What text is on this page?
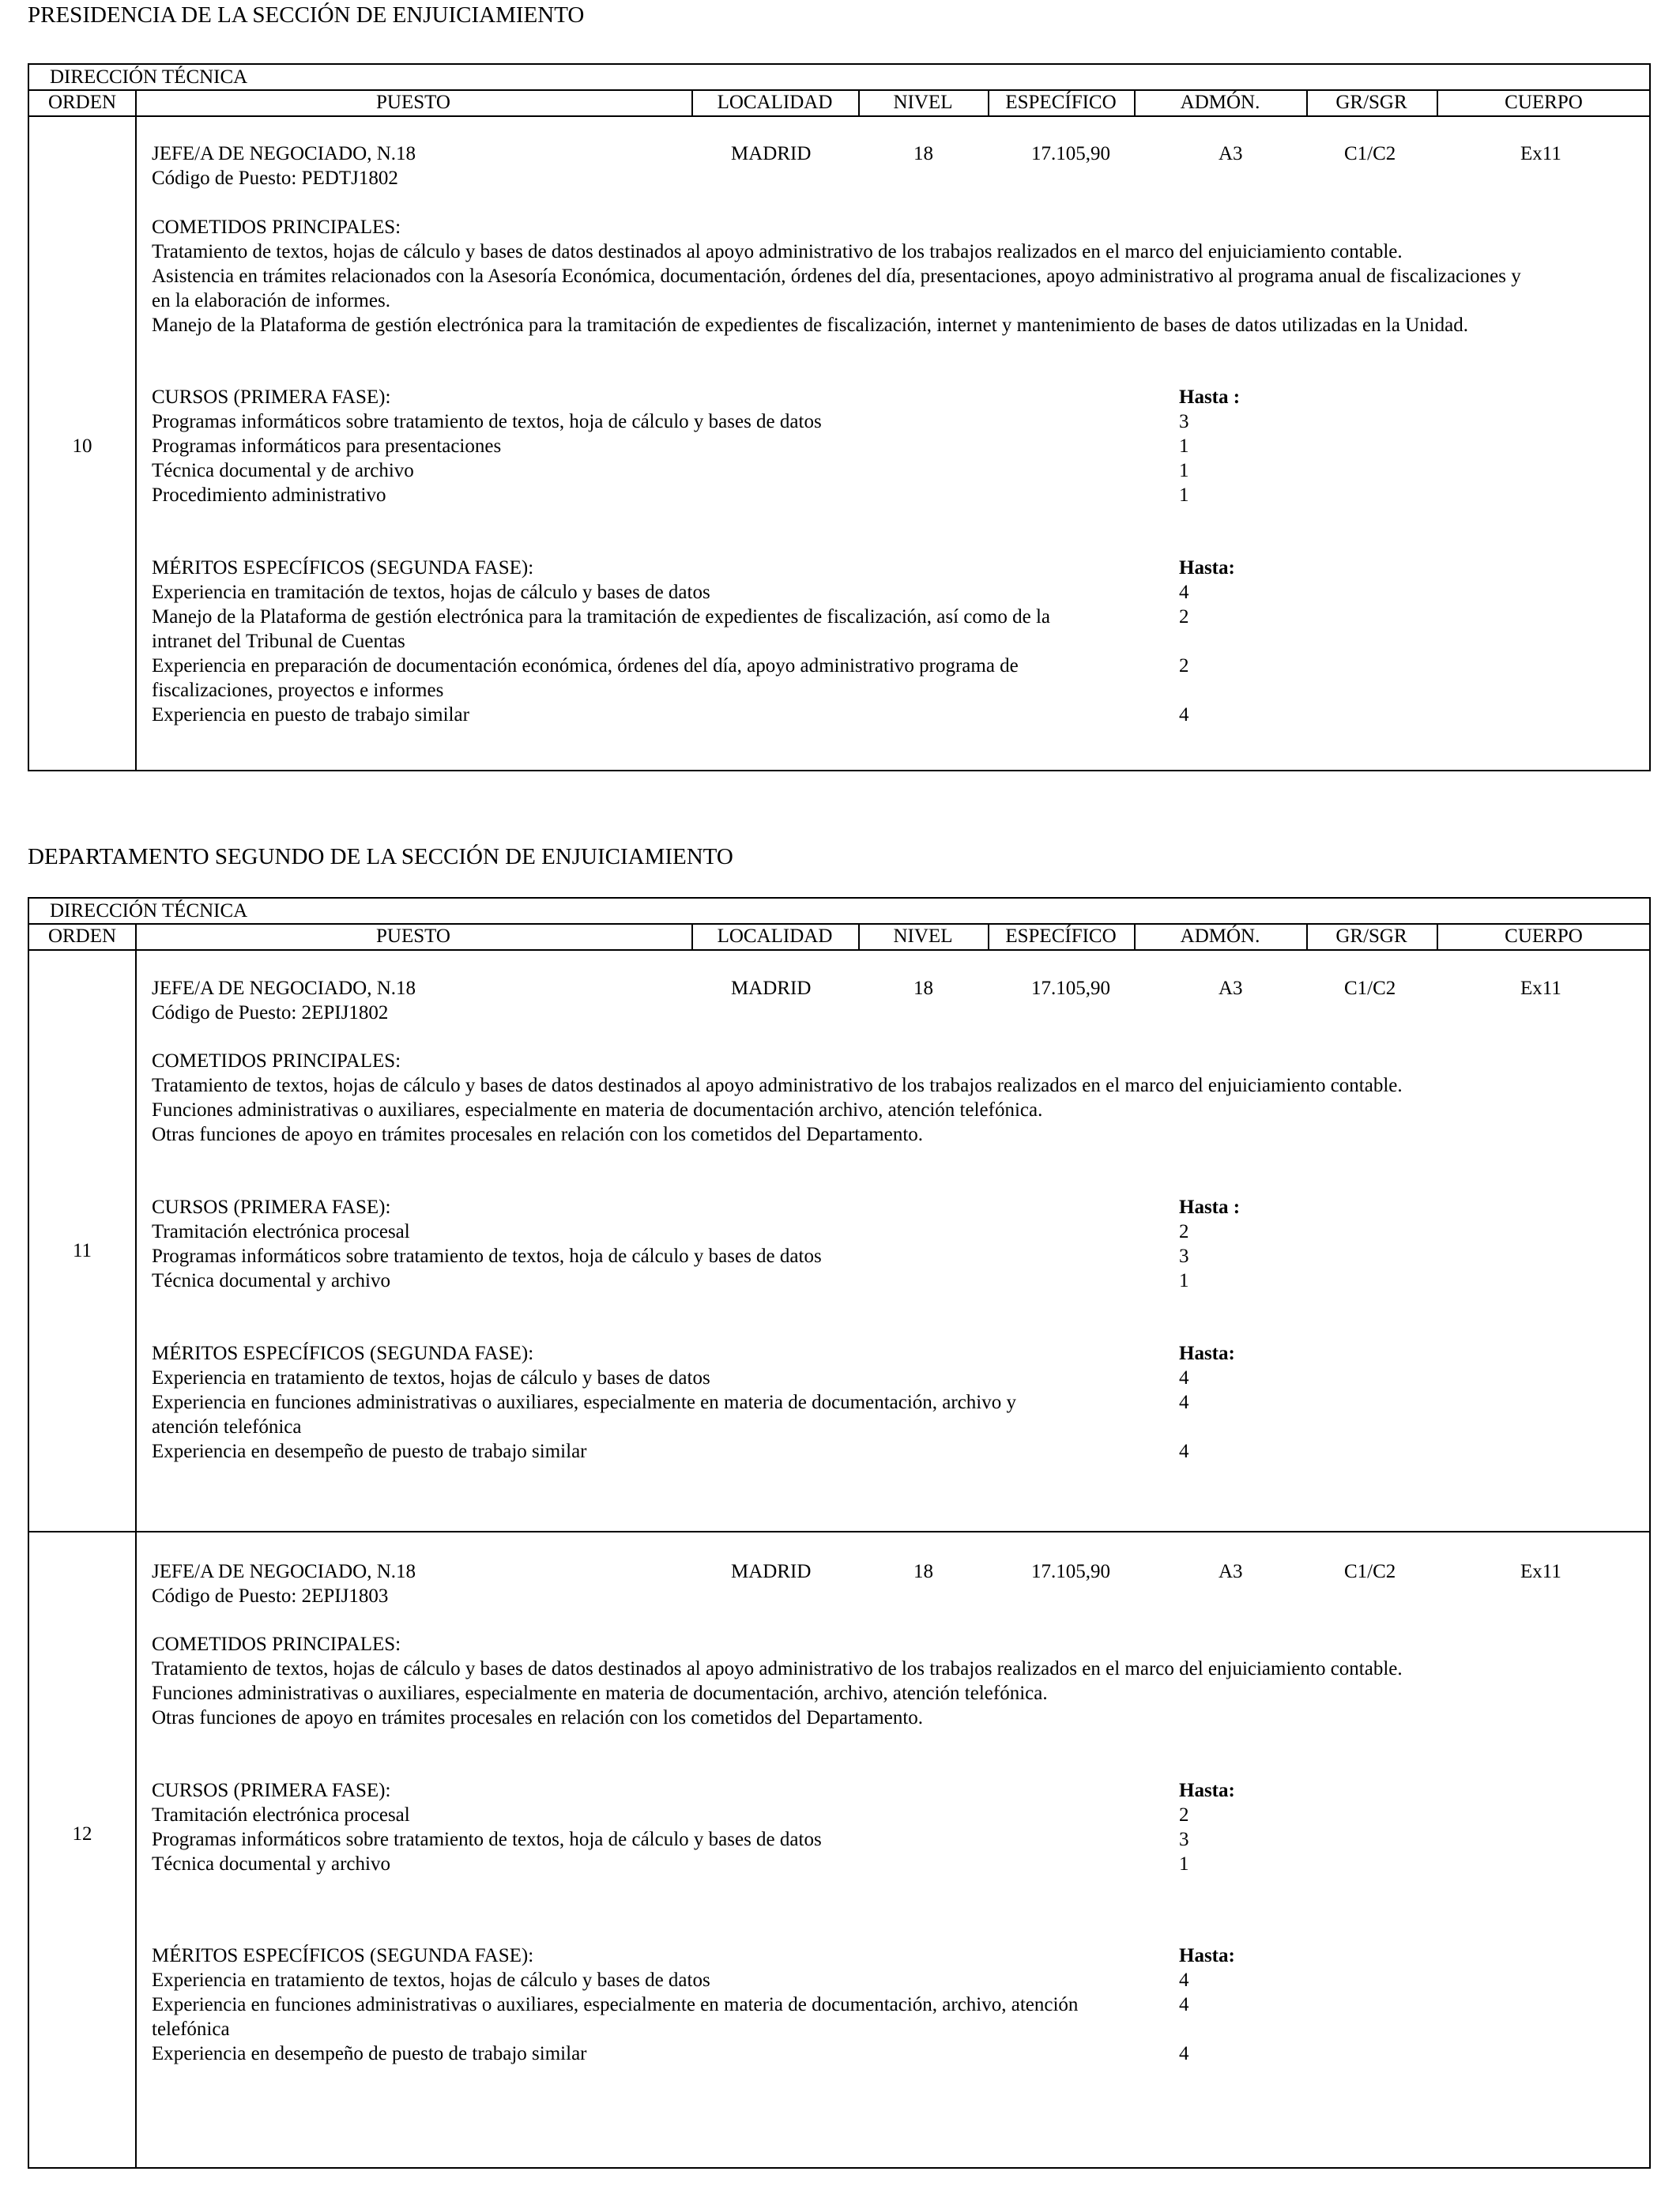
PRESIDENCIA DE LA SECCIÓN DE ENJUICIAMIENTO
DIRECCIÓN TÉCNICA
ORDEN	PUESTO	LOCALIDAD	NIVEL	ESPECÍFICO	ADMÓN.	GR/SGR	CUERPO
10
JEFE/A DE NEGOCIADO, N.18
Código de Puesto: PEDTJ1802
MADRID	18	17.105,90	A3	C1/C2	Ex11
COMETIDOS PRINCIPALES:
Tratamiento de textos, hojas de cálculo y bases de datos destinados al apoyo administrativo de los trabajos realizados en el marco del enjuiciamiento contable.
Asistencia en trámites relacionados con la Asesoría Económica, documentación, órdenes del día, presentaciones, apoyo administrativo al programa anual de fiscalizaciones y
en la elaboración de informes.
Manejo de la Plataforma de gestión electrónica para la tramitación de expedientes de fiscalización, internet y mantenimiento de bases de datos utilizadas en la Unidad.
CURSOS (PRIMERA FASE):	Hasta :
Programas informáticos sobre tratamiento de textos, hoja de cálculo y bases de datos	3
Programas informáticos para presentaciones	1
Técnica documental y de archivo	1
Procedimiento administrativo	1
MÉRITOS ESPECÍFICOS (SEGUNDA FASE):	Hasta:
Experiencia en tramitación de textos, hojas de cálculo y bases de datos	4
Manejo de la Plataforma de gestión electrónica para la tramitación de expedientes de fiscalización, así como de la
intranet del Tribunal de Cuentas
2
Experiencia en preparación de documentación económica, órdenes del día, apoyo administrativo programa de
fiscalizaciones, proyectos e informes
2
Experiencia en puesto de trabajo similar	4
DEPARTAMENTO SEGUNDO DE LA SECCIÓN DE ENJUICIAMIENTO
DIRECCIÓN TÉCNICA
ORDEN	PUESTO	LOCALIDAD	NIVEL	ESPECÍFICO	ADMÓN.	GR/SGR	CUERPO
11
JEFE/A DE NEGOCIADO, N.18
Código de Puesto: 2EPIJ1802
MADRID	18	17.105,90	A3	C1/C2	Ex11
COMETIDOS PRINCIPALES:
Tratamiento de textos, hojas de cálculo y bases de datos destinados al apoyo administrativo de los trabajos realizados en el marco del enjuiciamiento contable.
Funciones administrativas o auxiliares, especialmente en materia de documentación archivo, atención telefónica.
Otras funciones de apoyo en trámites procesales en relación con los cometidos del Departamento.
CURSOS (PRIMERA FASE):	Hasta :
Tramitación electrónica procesal	2
Programas informáticos sobre tratamiento de textos, hoja de cálculo y bases de datos	3
Técnica documental y archivo	1
MÉRITOS ESPECÍFICOS (SEGUNDA FASE):	Hasta:
Experiencia en tratamiento de textos, hojas de cálculo y bases de datos	4
Experiencia en funciones administrativas o auxiliares, especialmente en materia de documentación, archivo y
atención telefónica
4
Experiencia en desempeño de puesto de trabajo similar	4
12
JEFE/A DE NEGOCIADO, N.18
Código de Puesto: 2EPIJ1803
MADRID	18	17.105,90	A3	C1/C2	Ex11
COMETIDOS PRINCIPALES:
Tratamiento de textos, hojas de cálculo y bases de datos destinados al apoyo administrativo de los trabajos realizados en el marco del enjuiciamiento contable.
Funciones administrativas o auxiliares, especialmente en materia de documentación, archivo, atención telefónica.
Otras funciones de apoyo en trámites procesales en relación con los cometidos del Departamento.
CURSOS (PRIMERA FASE):	Hasta:
Tramitación electrónica procesal	2
Programas informáticos sobre tratamiento de textos, hoja de cálculo y bases de datos	3
Técnica documental y archivo	1
MÉRITOS ESPECÍFICOS (SEGUNDA FASE):	Hasta:
Experiencia en tratamiento de textos, hojas de cálculo y bases de datos	4
Experiencia en funciones administrativas o auxiliares, especialmente en materia de documentación, archivo, atención
telefónica
4
Experiencia en desempeño de puesto de trabajo similar	4
